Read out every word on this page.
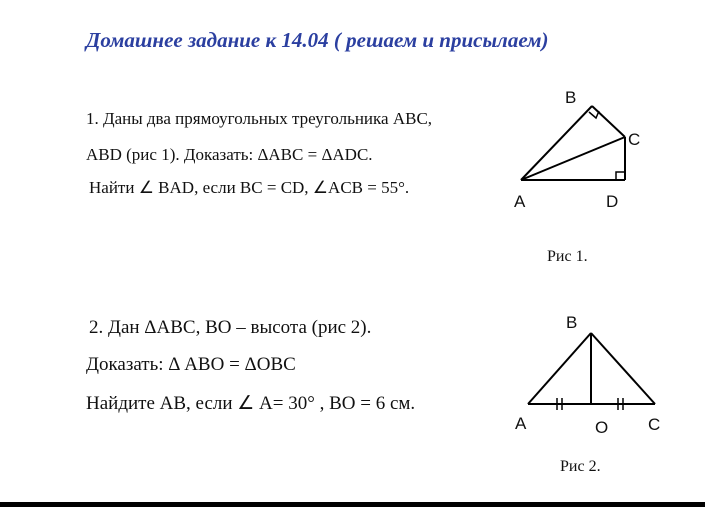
Домашнее задание к 14.04 ( решаем и присылаем)
1. Даны два прямоугольных треугольника ABC,
ABD (рис 1). Доказать: ΔABC = ΔADC.
Найти ∠ BAD, если BC = CD, ∠ACB = 55°.
B
C
A	D
Рис 1.
2. Дан ΔABC, BO – высота (рис 2).
Доказать: Δ ABO = ΔOBC
Найдите AB, если ∠ A= 30° , BO = 6 см.
B
A	O C
Рис 2.
